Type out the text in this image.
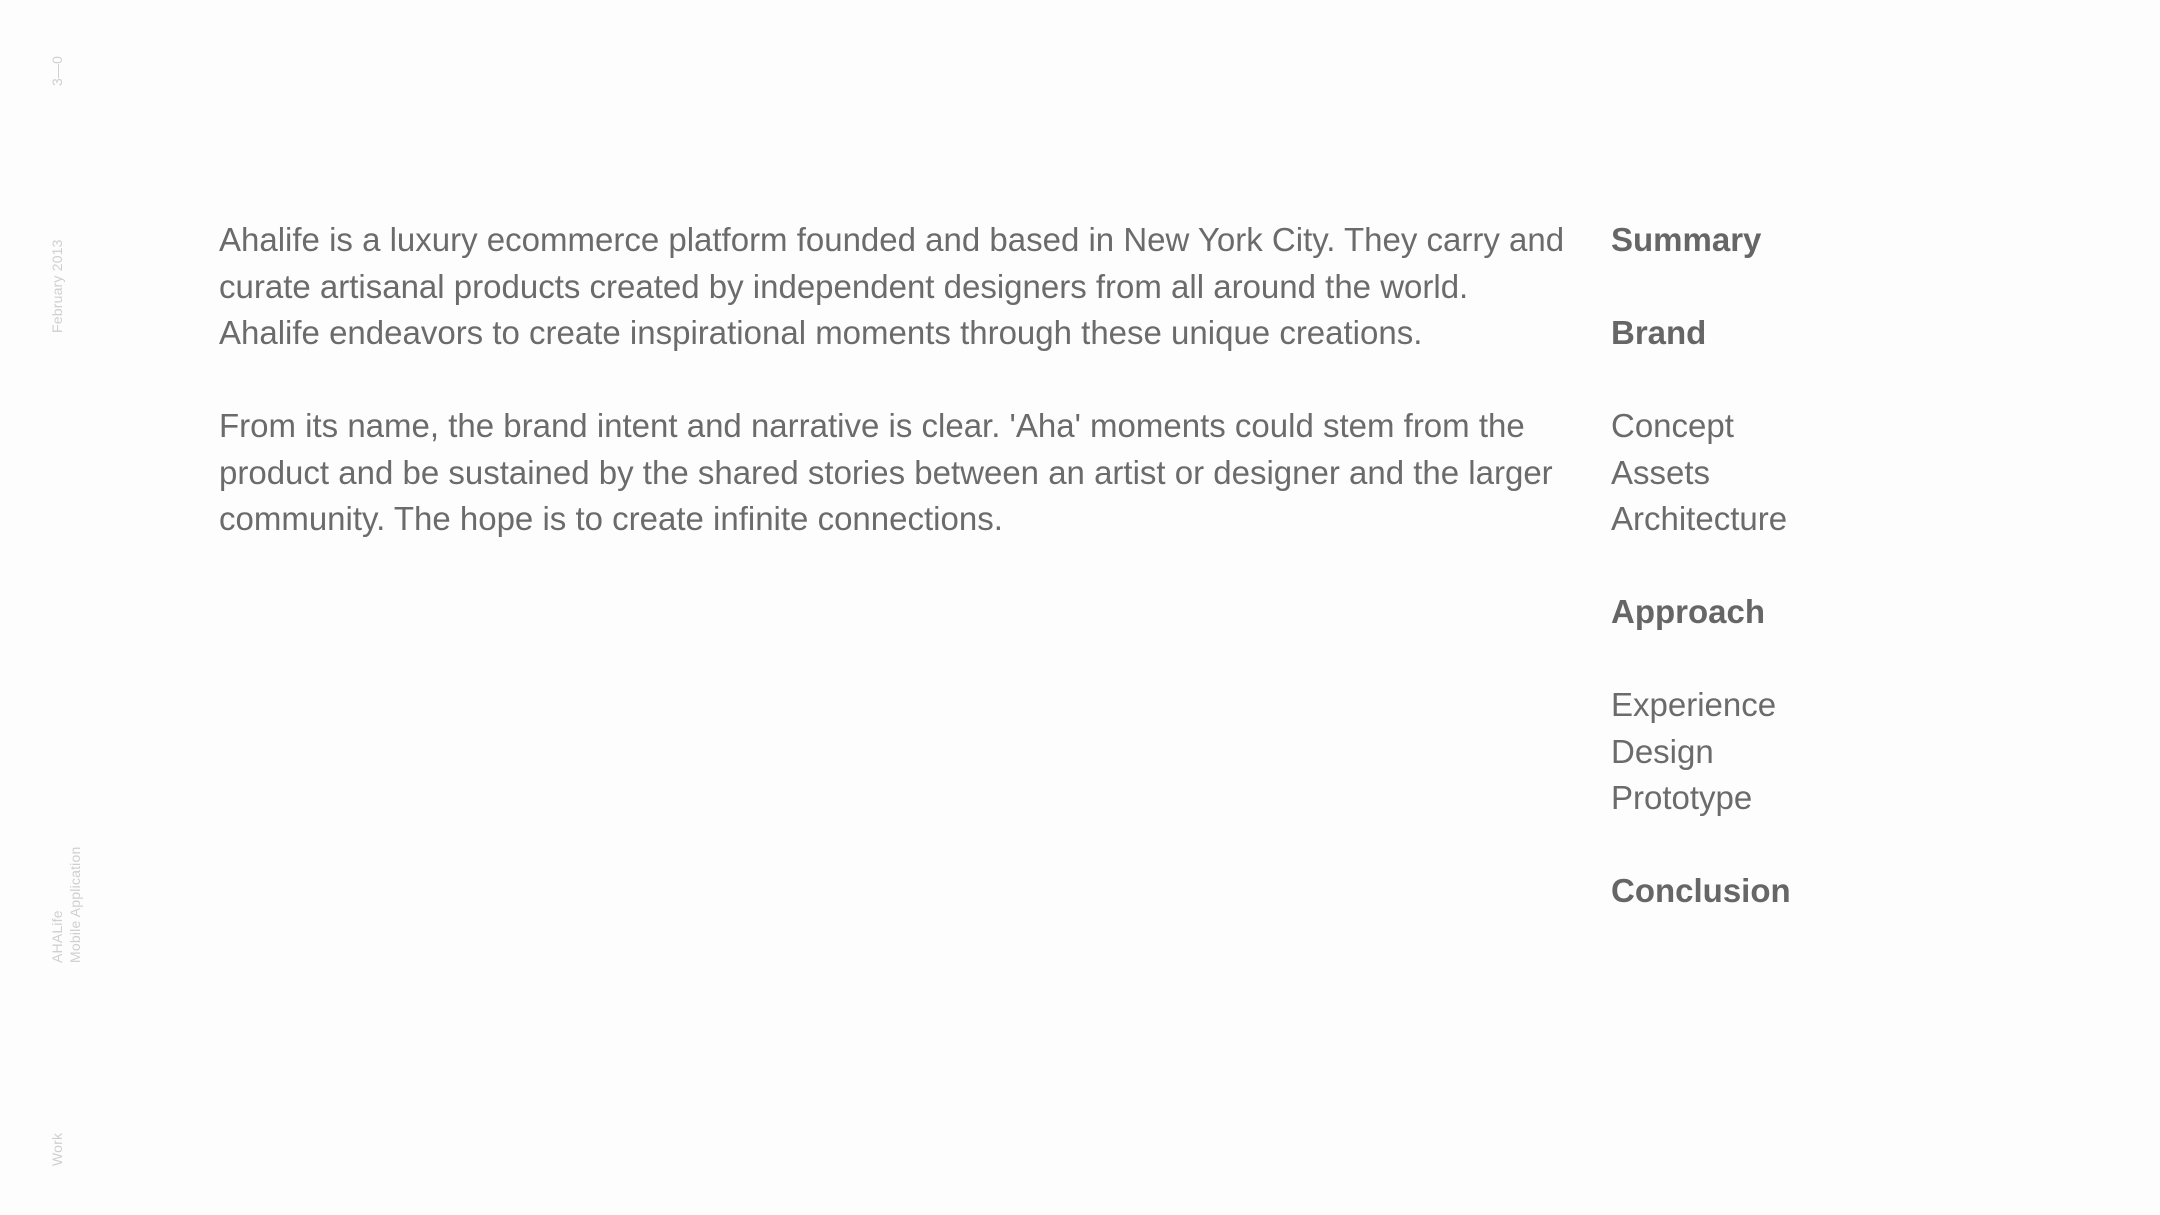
3—0
February 2013
AHALife Mobile Application
Work

Ahalife is a luxury ecommerce platform founded and based in New York City. They carry and curate artisanal products created by independent designers from all around the world. Ahalife endeavors to create inspirational moments through these unique creations.

From its name, the brand intent and narrative is clear. 'Aha' moments could stem from the product and be sustained by the shared stories between an artist or designer and the larger community. The hope is to create infinite connections.

Summary
Brand
Concept
Assets
Architecture
Approach
Experience
Design
Prototype
Conclusion
